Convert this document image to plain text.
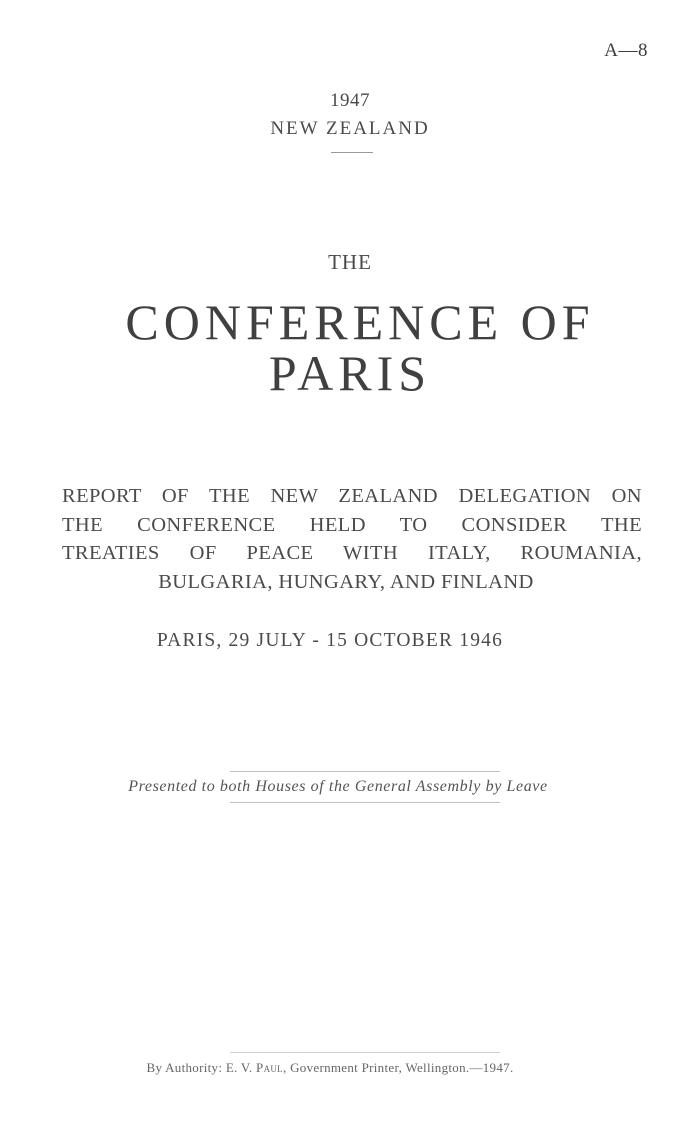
A—8
1947
NEW ZEALAND
THE
CONFERENCE OF
PARIS
REPORT OF THE NEW ZEALAND DELEGATION ON
THE CONFERENCE HELD TO CONSIDER THE
TREATIES OF PEACE WITH ITALY, ROUMANIA,
BULGARIA, HUNGARY, AND FINLAND
PARIS, 29 JULY - 15 OCTOBER 1946
Presented to both Houses of the General Assembly by Leave
By Authority: E. V. Paul, Government Printer, Wellington.—1947.
